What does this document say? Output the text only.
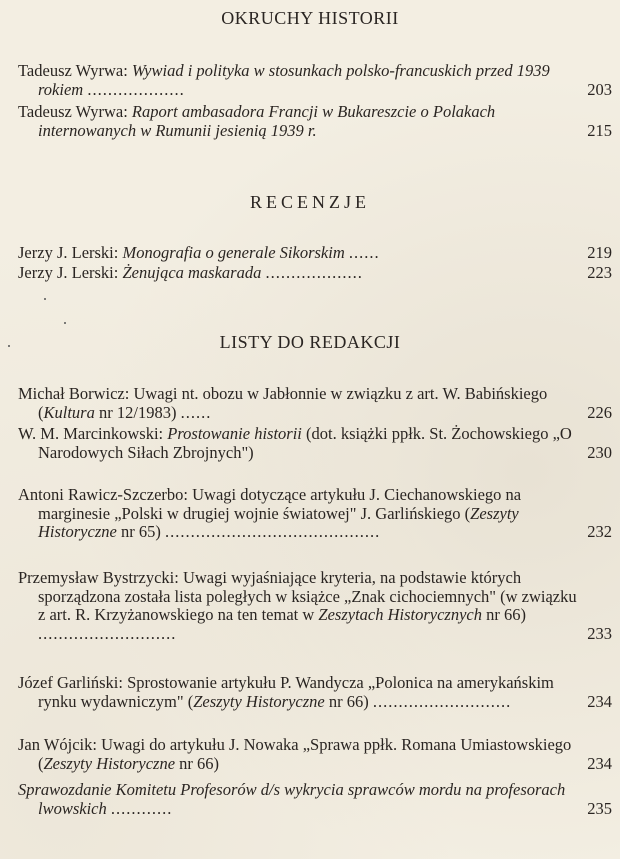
OKRUCHY HISTORII
Tadeusz Wyrwa: Wywiad i polityka w stosunkach polsko-francuskich przed 1939 rokiem ...................	203
Tadeusz Wyrwa: Raport ambasadora Francji w Bukareszcie o Polakach internowanych w Rumunii jesienią 1939 r.	215
RECENZJE
Jerzy J. Lerski: Monografia o generale Sikorskim ......	219
Jerzy J. Lerski: Żenująca maskarada ...................	223
LISTY DO REDAKCJI
Michał Borwicz: Uwagi nt. obozu w Jabłonnie w związku z art. W. Babińskiego (Kultura nr 12/1983) ......	226
W. M. Marcinkowski: Prostowanie historii (dot. książki ppłk. St. Żochowskiego „O Narodowych Siłach Zbrojnych")	230
Antoni Rawicz-Szczerbo: Uwagi dotyczące artykułu J. Ciechanowskiego na marginesie „Polski w drugiej wojnie światowej" J. Garlińskiego (Zeszyty Historyczne nr 65) ..........................................	232
Przemysław Bystrzycki: Uwagi wyjaśniające kryteria, na podstawie których sporządzona została lista poległych w książce „Znak cichociemnych" (w związku z art. R. Krzyżanowskiego na ten temat w Zeszytach Historycznych nr 66) ...........................	233
Józef Garliński: Sprostowanie artykułu P. Wandycza „Polonica na amerykańskim rynku wydawniczym" (Zeszyty Historyczne nr 66) ...........................	234
Jan Wójcik: Uwagi do artykułu J. Nowaka „Sprawa ppłk. Romana Umiastowskiego (Zeszyty Historyczne nr 66)	234
Sprawozdanie Komitetu Profesorów d/s wykrycia sprawców mordu na profesorach lwowskich ............	235
